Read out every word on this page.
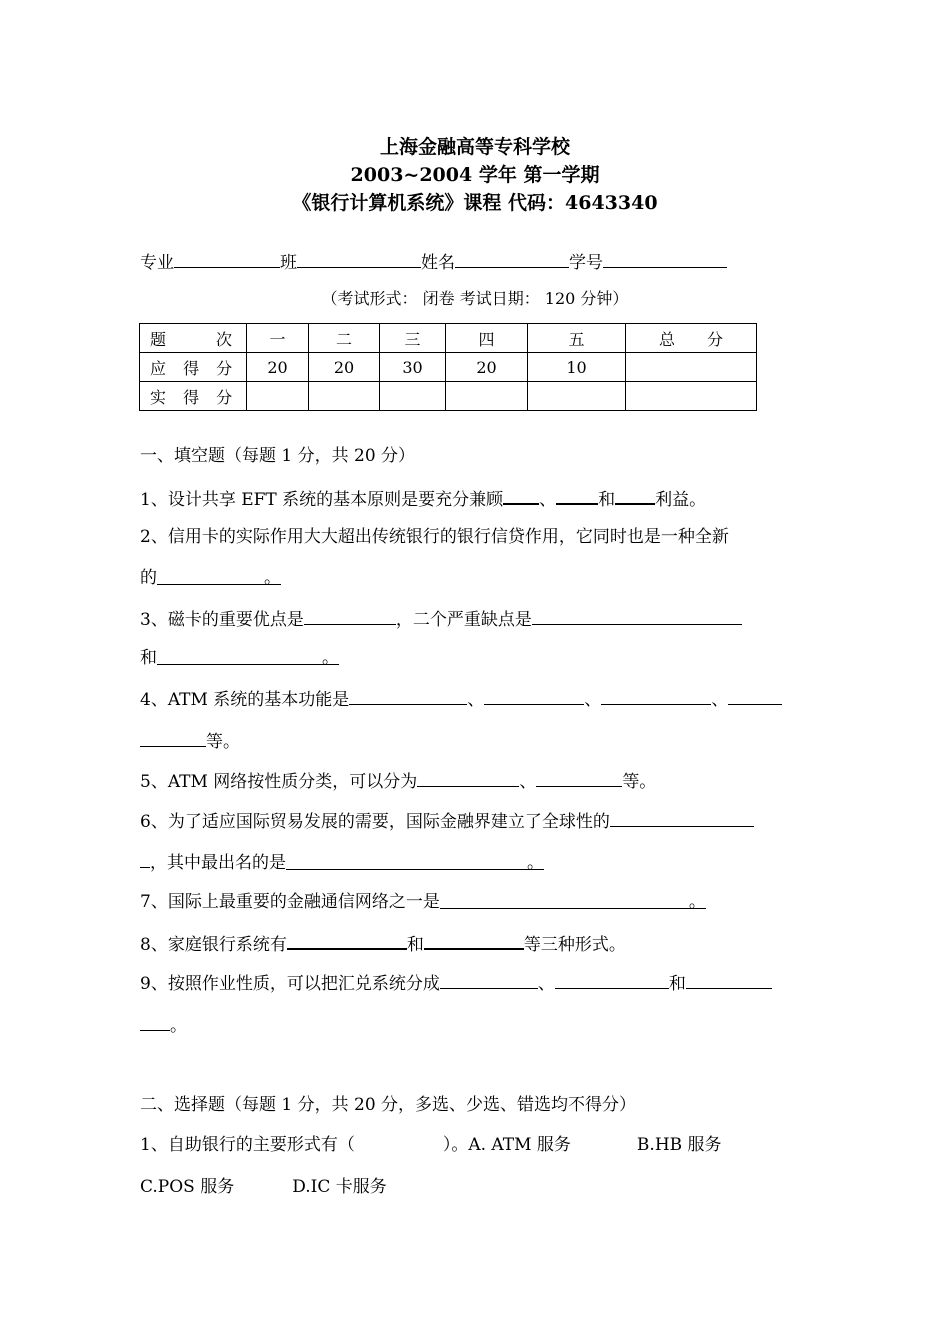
上海金融高等专科学校
2003~2004 学年 第一学期
《银行计算机系统》课程 代码：4643340
专业	班	姓名	学号
（考试形式： 闭卷 考试日期： 120 分钟）
题　　次	一	二	三	四	五	总　　分
应 得 分	20	20	30	20	10	
实 得 分						
一、填空题（每题 1 分，共 20 分）
1、设计共享 EFT 系统的基本原则是要充分兼顾 、 和 利益。
2、信用卡的实际作用大大超出传统银行的银行信贷作用，它同时也是一种全新
的	。
3、磁卡的重要优点是	，二个严重缺点是
和	。
4、ATM 系统的基本功能是	、	、	、
等。
5、ATM 网络按性质分类，可以分为	、	等。
6、为了适应国际贸易发展的需要，国际金融界建立了全球性的
，其中最出名的是	。
7、国际上最重要的金融通信网络之一是	。
8、家庭银行系统有	和	等三种形式。
9、按照作业性质，可以把汇兑系统分成	、	和
。
二、选择题（每题 1 分，共 20 分，多选、少选、错选均不得分）
1、自助银行的主要形式有（	）。A. ATM 服务	B.HB 服务
C.POS 服务	D.IC 卡服务
